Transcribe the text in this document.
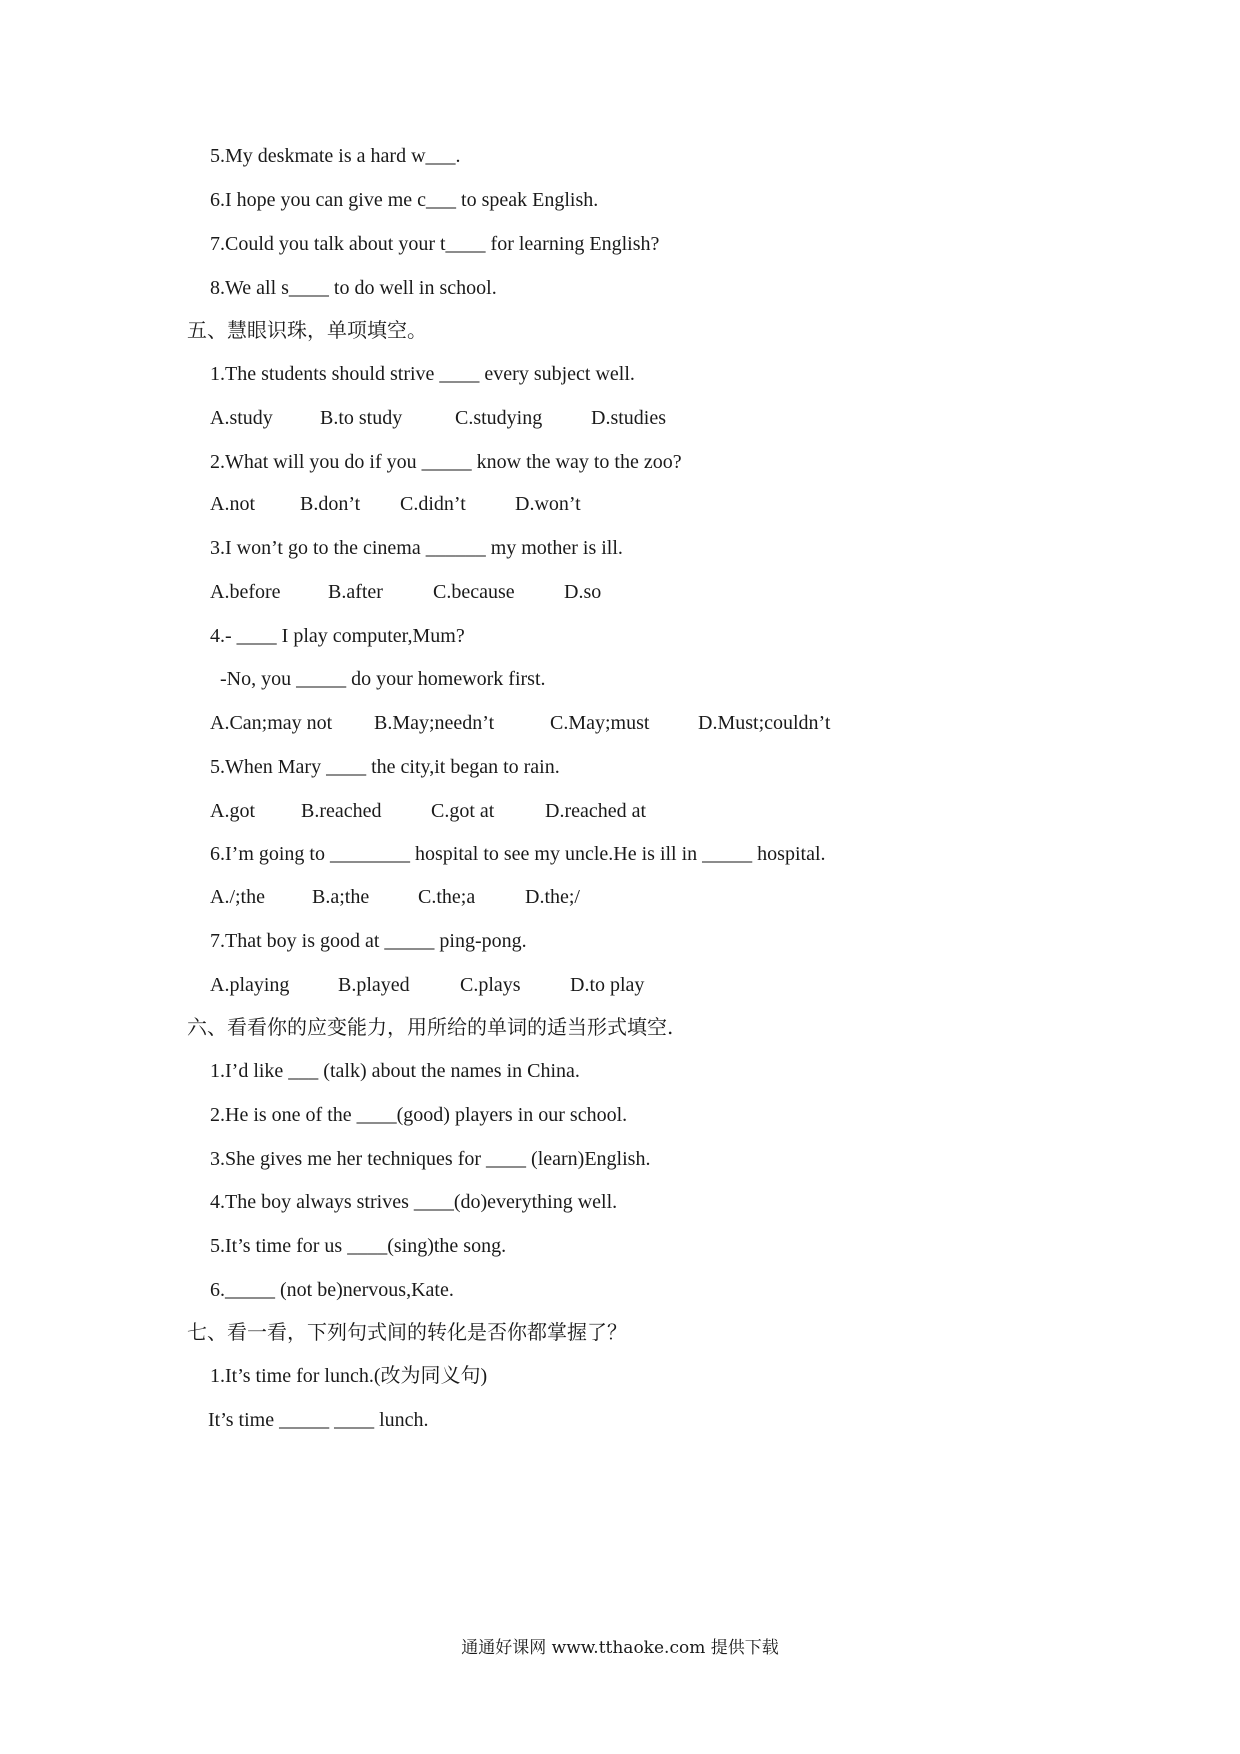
5.My deskmate is a hard w___.
6.I hope you can give me c___ to speak English.
7.Could you talk about your t____ for learning English?
8.We all s____ to do well in school.
五、慧眼识珠，单项填空。
1.The students should strive ____ every subject well.
A.study B.to study	C.studying D.studies
2.What will you do if you _____ know the way to the zoo?
A.not B.don’t C.didn’t D.won’t
3.I won’t go to the cinema ______ my mother is ill.
A.before B.after	C.because D.so
4.- ____ I play computer,Mum?
-No, you _____ do your homework first.
A.Can;may not B.May;needn’t	C.May;must D.Must;couldn’t
5.When Mary ____ the city,it began to rain.
A.got B.reached C.got at	D.reached at
6.I’m going to ________ hospital to see my uncle.He is ill in _____ hospital.
A./;the B.a;the C.the;a D.the;/
7.That boy is good at _____ ping-pong.
A.playing B.played	C.plays D.to play
六、看看你的应变能力，用所给的单词的适当形式填空.
1.I’d like ___ (talk) about the names in China.
2.He is one of the ____(good) players in our school.
3.She gives me her techniques for ____ (learn)English.
4.The boy always strives ____(do)everything well.
5.It’s time for us ____(sing)the song.
6._____ (not be)nervous,Kate.
七、看一看，下列句式间的转化是否你都掌握了？
1.It’s time for lunch.(改为同义句)
It’s time _____ ____ lunch.
通通好课网 www.tthaoke.com 提供下载
